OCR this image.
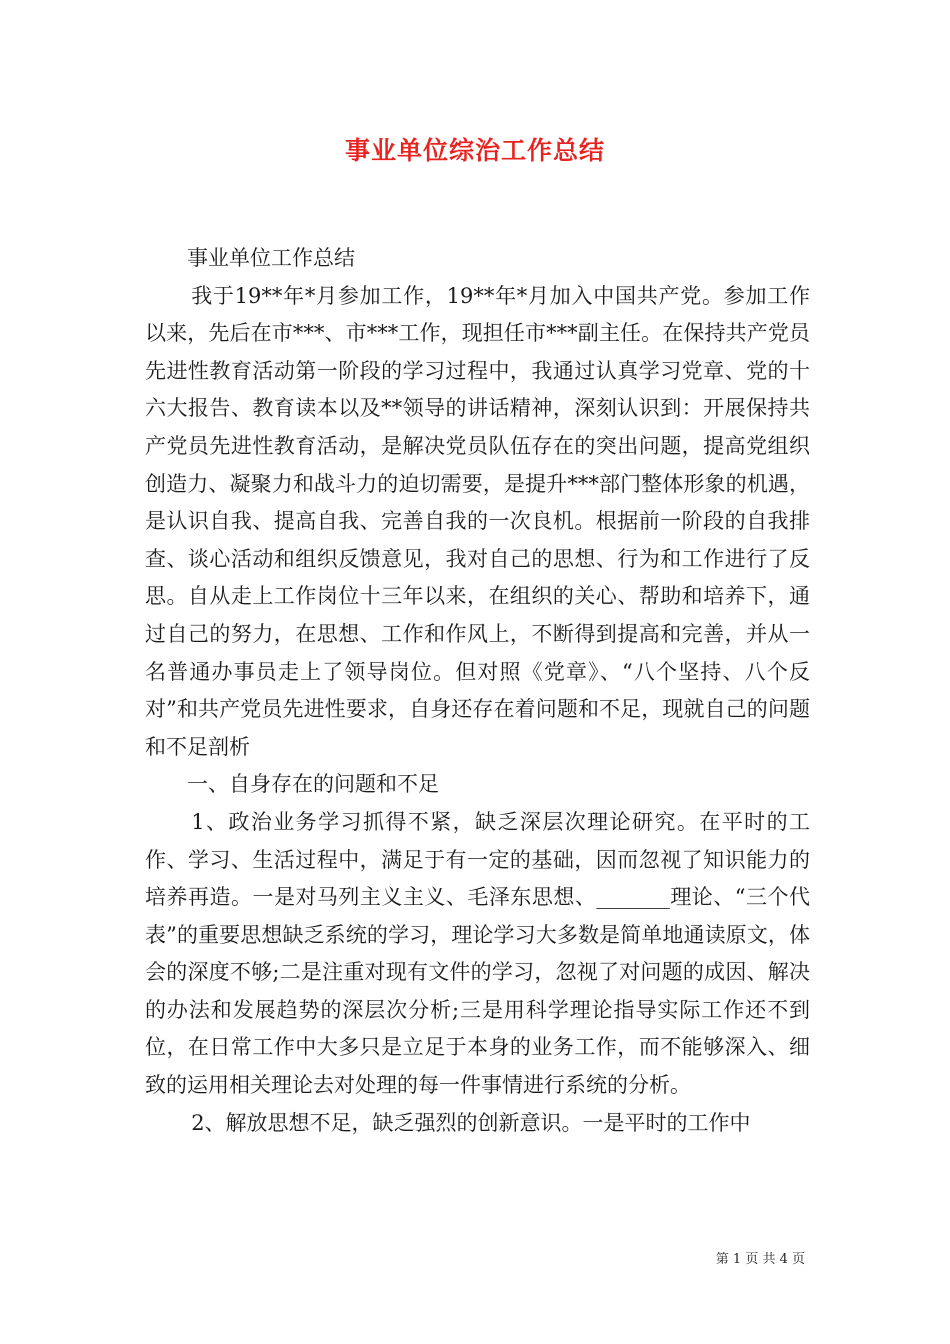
事业单位综治工作总结

事业单位工作总结

我于19**年*月参加工作，19**年*月加入中国共产党。参加工作以来，先后在市***、市***工作，现担任市***副主任。在保持共产党员先进性教育活动第一阶段的学习过程中，我通过认真学习党章、党的十六大报告、教育读本以及**领导的讲话精神，深刻认识到：开展保持共产党员先进性教育活动，是解决党员队伍存在的突出问题，提高党组织创造力、凝聚力和战斗力的迫切需要，是提升***部门整体形象的机遇，是认识自我、提高自我、完善自我的一次良机。根据前一阶段的自我排查、谈心活动和组织反馈意见，我对自己的思想、行为和工作进行了反思。自从走上工作岗位十三年以来，在组织的关心、帮助和培养下，通过自己的努力，在思想、工作和作风上，不断得到提高和完善，并从一名普通办事员走上了领导岗位。但对照《党章》、“八个坚持、八个反对”和共产党员先进性要求，自身还存在着问题和不足，现就自己的问题和不足剖析

一、自身存在的问题和不足

1、政治业务学习抓得不紧，缺乏深层次理论研究。在平时的工作、学习、生活过程中，满足于有一定的基础，因而忽视了知识能力的培养再造。一是对马列主义主义、毛泽东思想、_______理论、“三个代表”的重要思想缺乏系统的学习，理论学习大多数是简单地通读原文，体会的深度不够;二是注重对现有文件的学习，忽视了对问题的成因、解决的办法和发展趋势的深层次分析;三是用科学理论指导实际工作还不到位，在日常工作中大多只是立足于本身的业务工作，而不能够深入、细致的运用相关理论去对处理的每一件事情进行系统的分析。

2、解放思想不足，缺乏强烈的创新意识。一是平时的工作中

第 1 页 共 4 页
